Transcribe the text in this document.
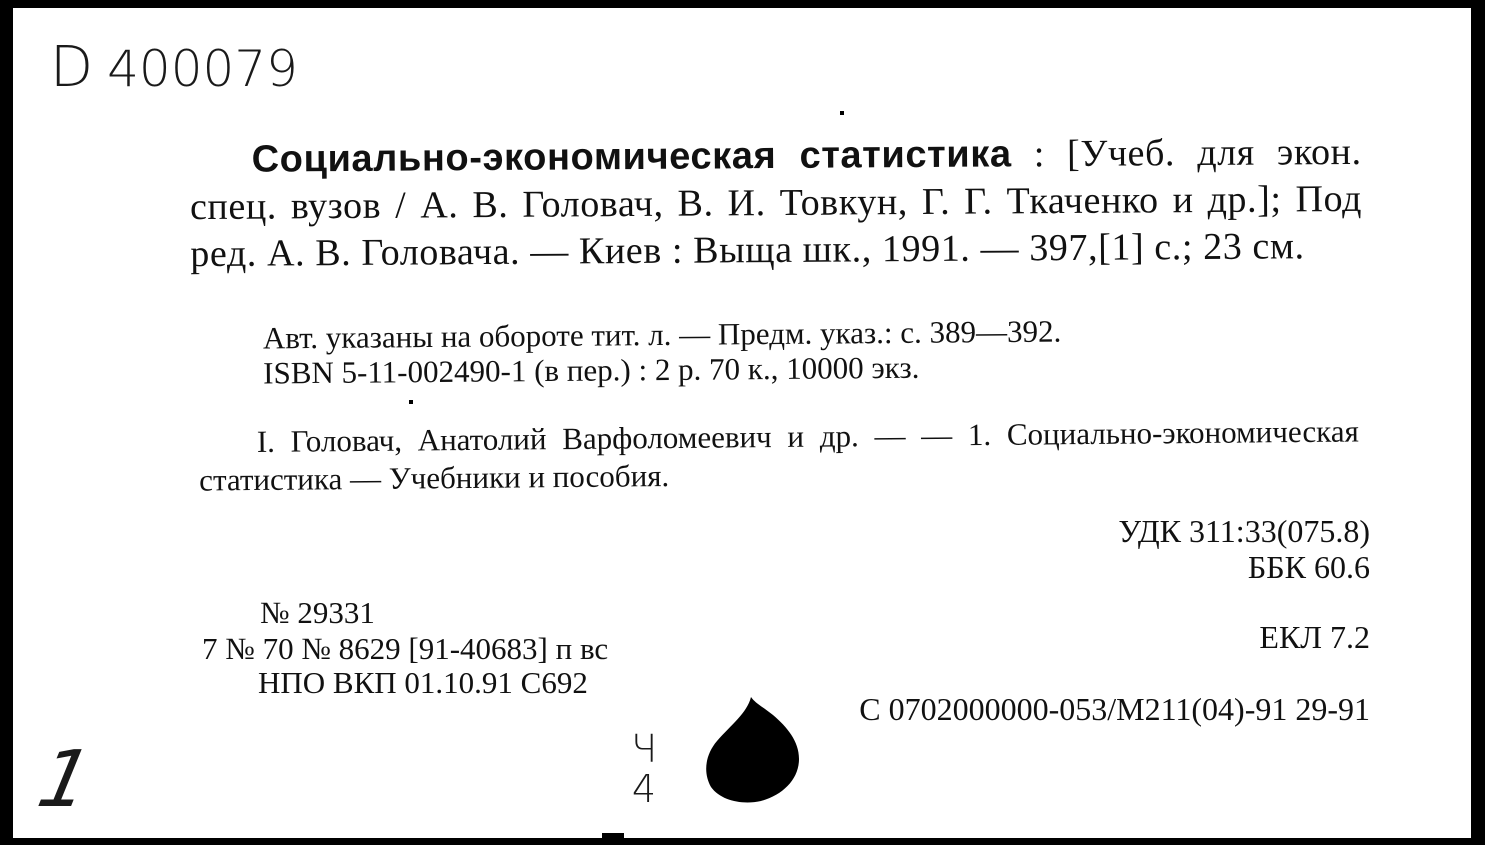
D 400079
Социально-экономическая статистика : [Учеб. для экон. спец. вузов / А. В. Головач, В. И. Товкун, Г. Г. Ткаченко и др.]; Под ред. А. В. Головача. — Киев : Выща шк., 1991. — 397,[1] с.; 23 см.
Авт. указаны на обороте тит. л. — Предм. указ.: с. 389—392.
ISBN 5-11-002490-1 (в пер.) : 2 р. 70 к., 10000 экз.
I. Головач, Анатолий Варфоломеевич и др. — — 1. Социально-экономическая статистика — Учебники и пособия.
УДК 311:33(075.8)
ББК 60.6
ЕКЛ 7.2
№ 29331
7 № 70 № 8629 [91-40683] п вс
НПО ВКП 01.10.91 С692
C 0702000000-053/M211(04)-91 29-91
1	Ч 4
